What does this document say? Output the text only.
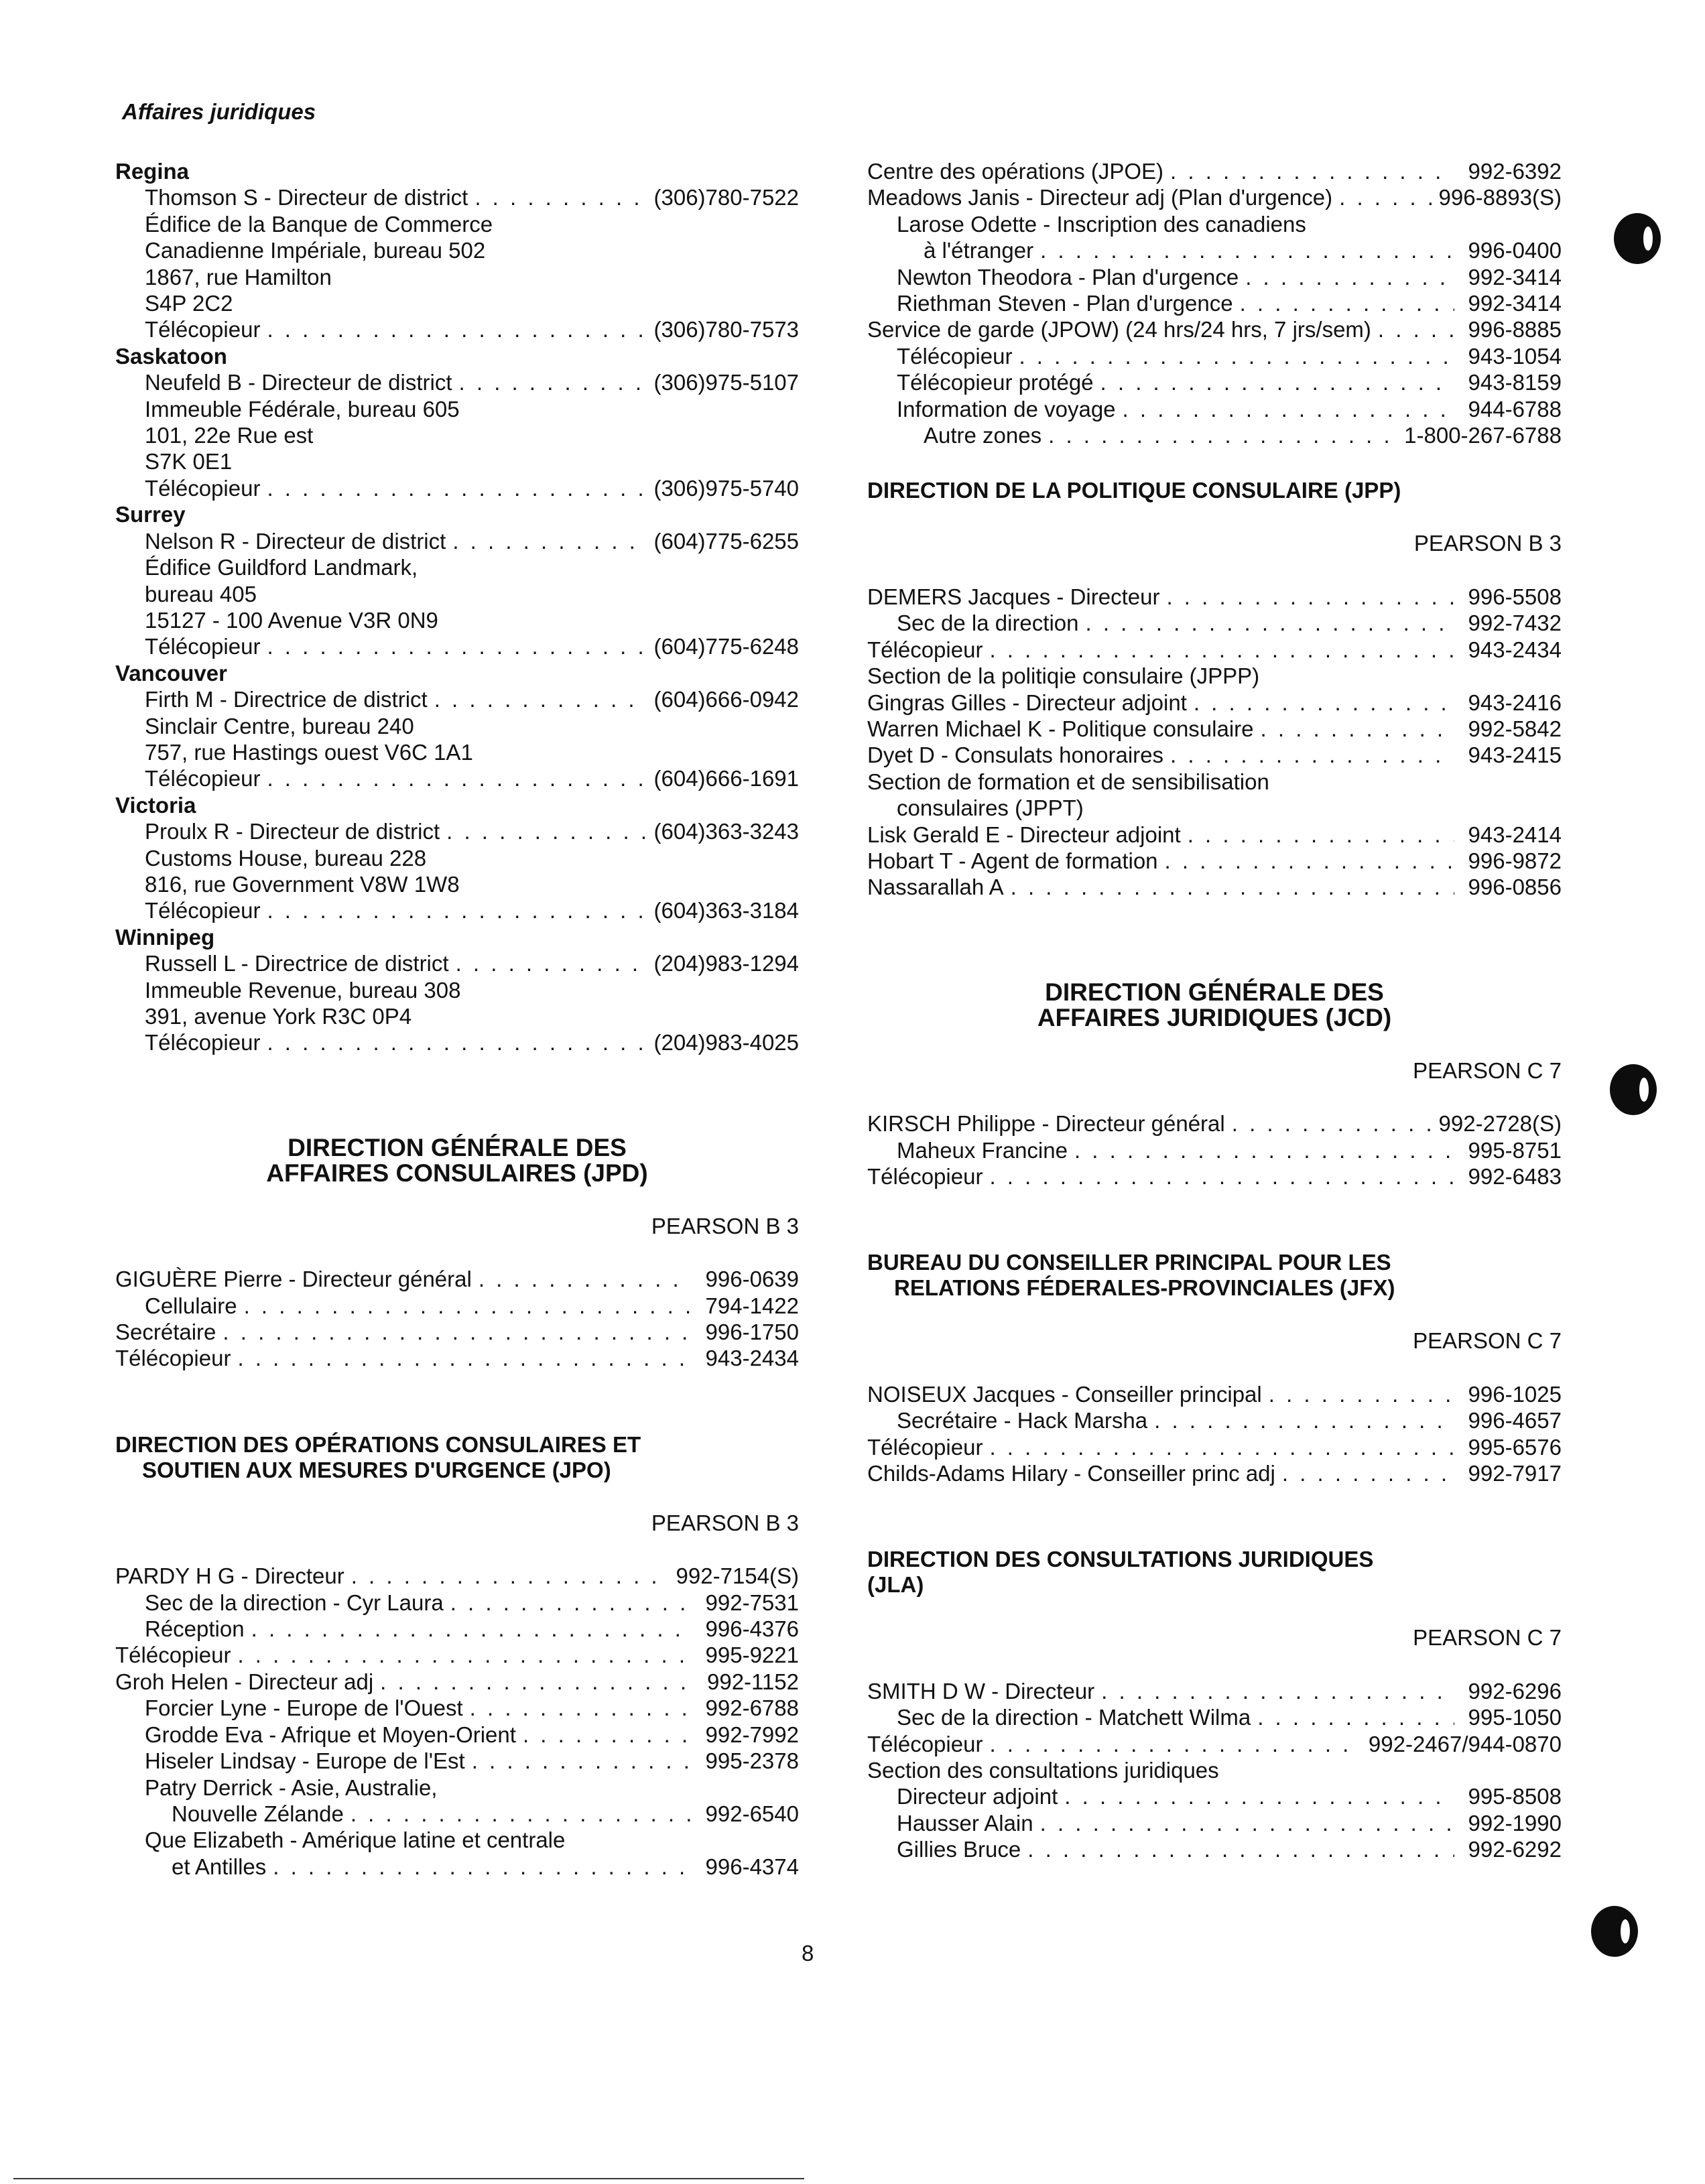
Affaires juridiques
Regina
Thomson S - Directeur de district . . .	(306)780-7522
Édifice de la Banque de Commerce
Canadienne Impériale, bureau 502
1867, rue Hamilton
S4P 2C2
Télécopieur . . .	(306)780-7573
Saskatoon
Neufeld B - Directeur de district . . .	(306)975-5107
Immeuble Fédérale, bureau 605
101, 22e Rue est
S7K 0E1
Télécopieur . . .	(306)975-5740
Surrey
Nelson R - Directeur de district . . .	(604)775-6255
Édifice Guildford Landmark,
bureau 405
15127 - 100 Avenue V3R 0N9
Télécopieur . . .	(604)775-6248
Vancouver
Firth M - Directrice de district . . .	(604)666-0942
Sinclair Centre, bureau 240
757, rue Hastings ouest V6C 1A1
Télécopieur . . .	(604)666-1691
Victoria
Proulx R - Directeur de district . . .	(604)363-3243
Customs House, bureau 228
816, rue Government V8W 1W8
Télécopieur . . .	(604)363-3184
Winnipeg
Russell L - Directrice de district . . .	(204)983-1294
Immeuble Revenue, bureau 308
391, avenue York R3C 0P4
Télécopieur . . .	(204)983-4025
DIRECTION GÉNÉRALE DES
AFFAIRES CONSULAIRES (JPD)
PEARSON B 3
GIGUÈRE Pierre - Directeur général . . .	996-0639
Cellulaire . . .	794-1422
Secrétaire . . .	996-1750
Télécopieur . . .	943-2434
DIRECTION DES OPÉRATIONS CONSULAIRES ET
SOUTIEN AUX MESURES D'URGENCE (JPO)
PEARSON B 3
PARDY H G - Directeur . . .	992-7154(S)
Sec de la direction - Cyr Laura . . .	992-7531
Réception . . .	996-4376
Télécopieur . . .	995-9221
Groh Helen - Directeur adj . . .	992-1152
Forcier Lyne - Europe de l'Ouest . . .	992-6788
Grodde Eva - Afrique et Moyen-Orient . . .	992-7992
Hiseler Lindsay - Europe de l'Est . . .	995-2378
Patry Derrick - Asie, Australie,
Nouvelle Zélande . . .	992-6540
Que Elizabeth - Amérique latine et centrale
et Antilles . . .	996-4374
Centre des opérations (JPOE) . . .	992-6392
Meadows Janis - Directeur adj (Plan d'urgence) . . .	996-8893(S)
Larose Odette - Inscription des canadiens
à l'étranger . . .	996-0400
Newton Theodora - Plan d'urgence . . .	992-3414
Riethman Steven - Plan d'urgence . . .	992-3414
Service de garde (JPOW) (24 hrs/24 hrs, 7 jrs/sem) . . .	996-8885
Télécopieur . . .	943-1054
Télécopieur protégé . . .	943-8159
Information de voyage . . .	944-6788
Autre zones . . .	1-800-267-6788
DIRECTION DE LA POLITIQUE CONSULAIRE (JPP)
PEARSON B 3
DEMERS Jacques - Directeur . . .	996-5508
Sec de la direction . . .	992-7432
Télécopieur . . .	943-2434
Section de la politiqie consulaire (JPPP)
Gingras Gilles - Directeur adjoint . . .	943-2416
Warren Michael K - Politique consulaire . . .	992-5842
Dyet D - Consulats honoraires . . .	943-2415
Section de formation et de sensibilisation
consulaires (JPPT)
Lisk Gerald E - Directeur adjoint . . .	943-2414
Hobart T - Agent de formation . . .	996-9872
Nassarallah A . . .	996-0856
DIRECTION GÉNÉRALE DES
AFFAIRES JURIDIQUES (JCD)
PEARSON C 7
KIRSCH Philippe - Directeur général . . .	992-2728(S)
Maheux Francine . . .	995-8751
Télécopieur . . .	992-6483
BUREAU DU CONSEILLER PRINCIPAL POUR LES
RELATIONS FÉDERALES-PROVINCIALES (JFX)
PEARSON C 7
NOISEUX Jacques - Conseiller principal . . .	996-1025
Secrétaire - Hack Marsha . . .	996-4657
Télécopieur . . .	995-6576
Childs-Adams Hilary - Conseiller princ adj . . .	992-7917
DIRECTION DES CONSULTATIONS JURIDIQUES
(JLA)
PEARSON C 7
SMITH D W - Directeur . . .	992-6296
Sec de la direction - Matchett Wilma . . .	995-1050
Télécopieur . . .	992-2467/944-0870
Section des consultations juridiques
Directeur adjoint . . .	995-8508
Hausser Alain . . .	992-1990
Gillies Bruce . . .	992-6292
8
